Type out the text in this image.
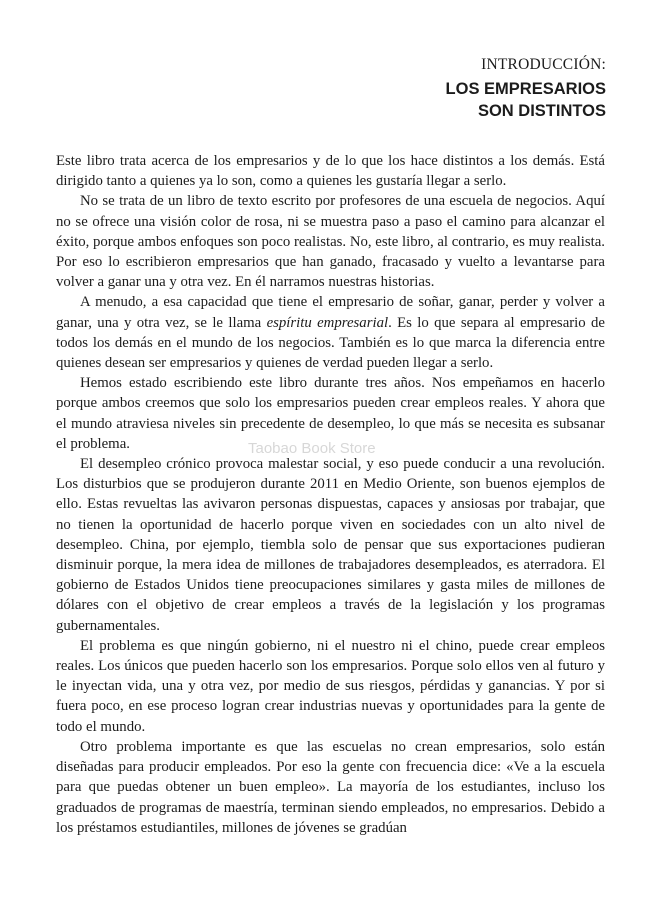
INTRODUCCIÓN:
LOS EMPRESARIOS
SON DISTINTOS

Este libro trata acerca de los empresarios y de lo que los hace distintos a los demás. Está dirigido tanto a quienes ya lo son, como a quienes les gustaría llegar a serlo.

No se trata de un libro de texto escrito por profesores de una escuela de negocios. Aquí no se ofrece una visión color de rosa, ni se muestra paso a paso el camino para alcanzar el éxito, porque ambos enfoques son poco realistas. No, este libro, al contrario, es muy realista. Por eso lo escribieron empresarios que han ganado, fracasado y vuelto a levantarse para volver a ganar una y otra vez. En él narramos nuestras historias.

A menudo, a esa capacidad que tiene el empresario de soñar, ganar, perder y volver a ganar, una y otra vez, se le llama espíritu empresarial. Es lo que separa al empresario de todos los demás en el mundo de los negocios. También es lo que marca la diferencia entre quienes desean ser empresarios y quienes de verdad pueden llegar a serlo.

Hemos estado escribiendo este libro durante tres años. Nos empeñamos en hacerlo porque ambos creemos que solo los empresarios pueden crear empleos reales. Y ahora que el mundo atraviesa niveles sin precedente de desempleo, lo que más se necesita es subsanar el problema.

El desempleo crónico provoca malestar social, y eso puede conducir a una revolución. Los disturbios que se produjeron durante 2011 en Medio Oriente, son buenos ejemplos de ello. Estas revueltas las avivaron personas dispuestas, capaces y ansiosas por trabajar, que no tienen la oportunidad de hacerlo porque viven en sociedades con un alto nivel de desempleo. China, por ejemplo, tiembla solo de pensar que sus exportaciones pudieran disminuir porque, la mera idea de millones de trabajadores desempleados, es aterradora. El gobierno de Estados Unidos tiene preocupaciones similares y gasta miles de millones de dólares con el objetivo de crear empleos a través de la legislación y los programas gubernamentales.

El problema es que ningún gobierno, ni el nuestro ni el chino, puede crear empleos reales. Los únicos que pueden hacerlo son los empresarios. Porque solo ellos ven al futuro y le inyectan vida, una y otra vez, por medio de sus riesgos, pérdidas y ganancias. Y por si fuera poco, en ese proceso logran crear industrias nuevas y oportunidades para la gente de todo el mundo.

Otro problema importante es que las escuelas no crean empresarios, solo están diseñadas para producir empleados. Por eso la gente con frecuencia dice: «Ve a la escuela para que puedas obtener un buen empleo». La mayoría de los estudiantes, incluso los graduados de programas de maestría, terminan siendo empleados, no empresarios. Debido a los préstamos estudiantiles, millones de jóvenes se gradúan

Taobao Book Store
